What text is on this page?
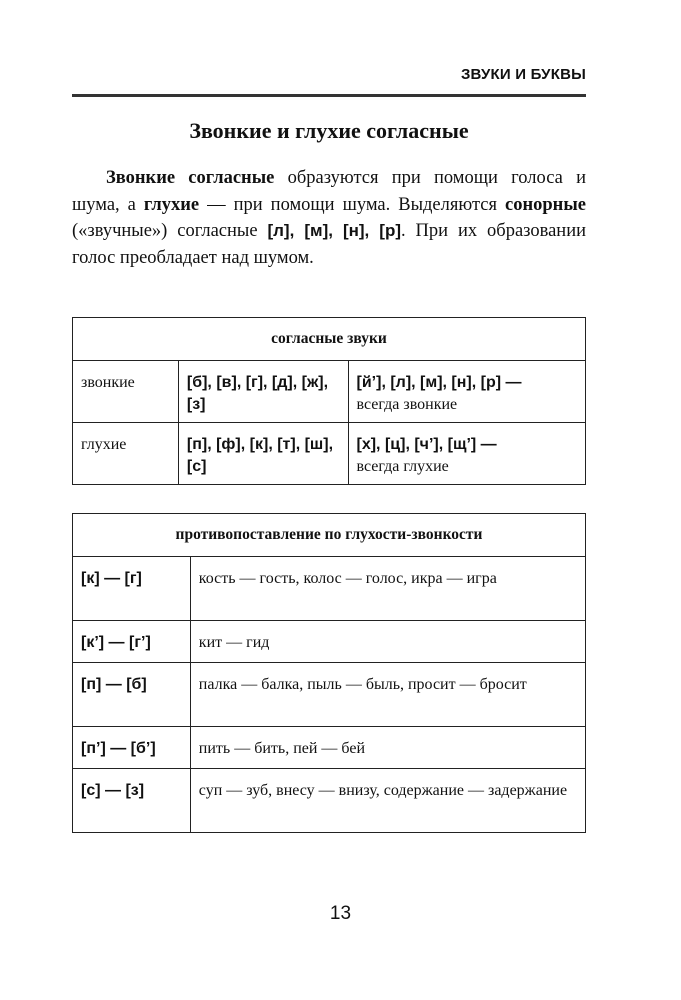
ЗВУКИ И БУКВЫ
Звонкие и глухие согласные
Звонкие согласные образуются при помощи голоса и шума, а глухие — при помощи шума. Выделяются сонорные («звучные») согласные [л], [м], [н], [р]. При их образовании голос преобладает над шумом.
согласные звуки		

звонкие	[б], [в], [г], [д], [ж], [з]	[й’], [л], [м], [н], [р] —
всегда звонкие

глухие	[п], [ф], [к], [т], [ш], [с]	[х], [ц], [ч’], [щ’] —
всегда глухие
противопоставление по глухости-звонкости	

[к] — [г]	кость — гость, колос — голос, икра — игра

[к’] — [г’]	кит — гид

[п] — [б]	палка — балка, пыль — быль, просит — бросит

[п’] — [б’]	пить — бить, пей — бей

[с] — [з]	суп — зуб, внесу — внизу, содержание — задержание
13
